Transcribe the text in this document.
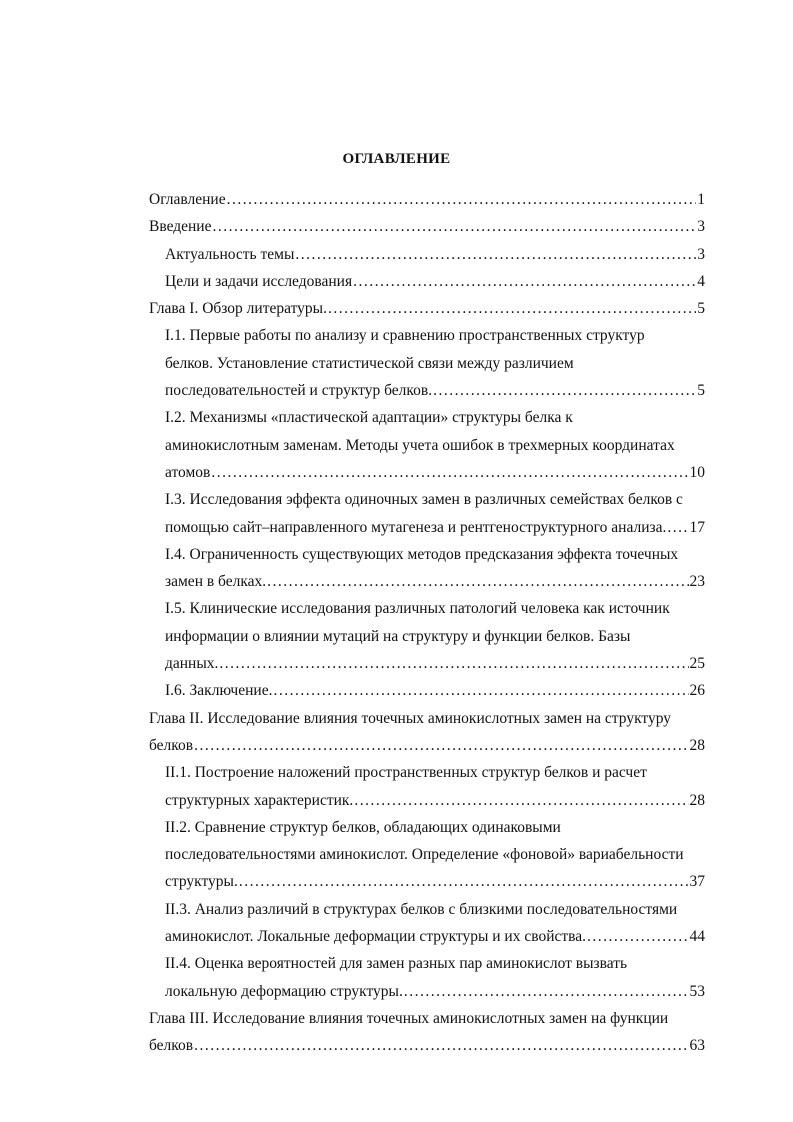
ОГЛАВЛЕНИЕ
Оглавление .....	1
Введение .....	3
Актуальность темы .....	3
Цели и задачи исследования .....	4
Глава I. Обзор литературы. .....	5
I.1. Первые работы по анализу и сравнению пространственных структур
белков. Установление статистической связи между различием
последовательностей и структур белков. .....	5
I.2. Механизмы «пластической адаптации» структуры белка к
аминокислотным заменам. Методы учета ошибок в трехмерных координатах
атомов .....	10
I.3. Исследования эффекта одиночных замен в различных семействах белков с
помощью сайт–направленного мутагенеза и рентгеноструктурного анализа. ..... 17
I.4. Ограниченность существующих методов предсказания эффекта точечных
замен в белках. .....	23
I.5. Клинические исследования различных патологий человека как источник
информации о влиянии мутаций на структуру и функции белков. Базы
данных. .....	25
I.6. Заключение. .....	26
Глава II. Исследование влияния точечных аминокислотных замен на структуру
белков .....	28
II.1. Построение наложений пространственных структур белков и расчет
структурных характеристик. .....	28
II.2. Сравнение структур белков, обладающих одинаковыми
последовательностями аминокислот. Определение «фоновой» вариабельности
структуры. .....	37
II.3. Анализ различий в структурах белков с близкими последовательностями
аминокислот. Локальные деформации структуры и их свойства. .....	44
II.4. Оценка вероятностей для замен разных пар аминокислот вызвать
локальную деформацию структуры. .....	53
Глава III. Исследование влияния точечных аминокислотных замен на функции
белков .....	63
